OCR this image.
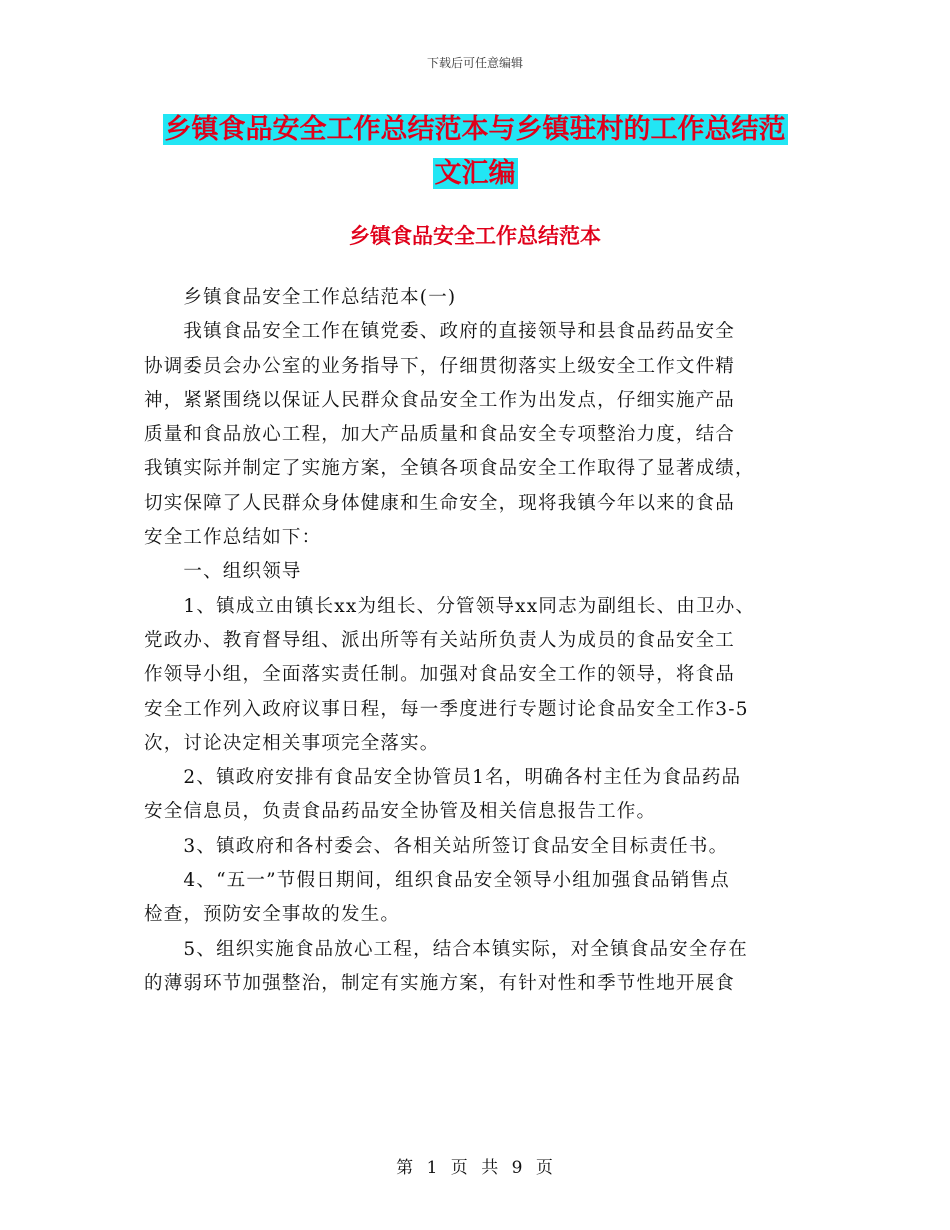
下载后可任意编辑
乡镇食品安全工作总结范本与乡镇驻村的工作总结范
文汇编
乡镇食品安全工作总结范本

　　乡镇食品安全工作总结范本(一)

　　我镇食品安全工作在镇党委、政府的直接领导和县食品药品安全

协调委员会办公室的业务指导下，仔细贯彻落实上级安全工作文件精

神，紧紧围绕以保证人民群众食品安全工作为出发点，仔细实施产品

质量和食品放心工程，加大产品质量和食品安全专项整治力度，结合

我镇实际并制定了实施方案，全镇各项食品安全工作取得了显著成绩，

切实保障了人民群众身体健康和生命安全，现将我镇今年以来的食品

安全工作总结如下：

　　一、组织领导

　　1、镇成立由镇长xx为组长、分管领导xx同志为副组长、由卫办、

党政办、教育督导组、派出所等有关站所负责人为成员的食品安全工

作领导小组，全面落实责任制。加强对食品安全工作的领导，将食品

安全工作列入政府议事日程，每一季度进行专题讨论食品安全工作3-5

次，讨论决定相关事项完全落实。

　　2、镇政府安排有食品安全协管员1名，明确各村主任为食品药品

安全信息员，负责食品药品安全协管及相关信息报告工作。

　　3、镇政府和各村委会、各相关站所签订食品安全目标责任书。

　　4、“五一”节假日期间，组织食品安全领导小组加强食品销售点

检查，预防安全事故的发生。

　　5、组织实施食品放心工程，结合本镇实际，对全镇食品安全存在

的薄弱环节加强整治，制定有实施方案，有针对性和季节性地开展食

第 1 页 共 9 页
